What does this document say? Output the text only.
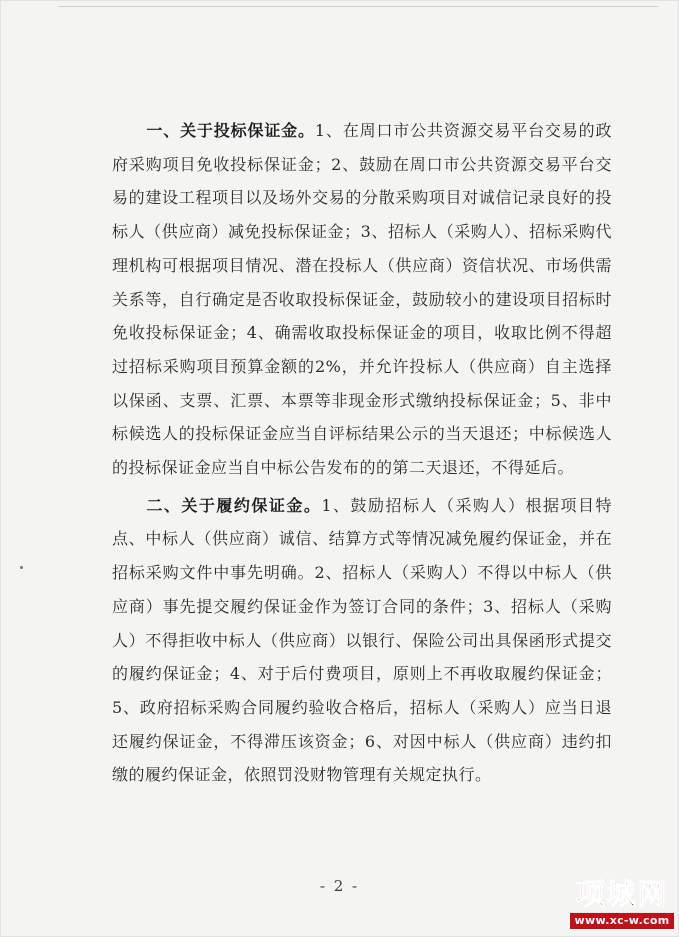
一、关于投标保证金。1、在周口市公共资源交易平台交易的政府采购项目免收投标保证金；2、鼓励在周口市公共资源交易平台交易的建设工程项目以及场外交易的分散采购项目对诚信记录良好的投标人（供应商）减免投标保证金；3、招标人（采购人）、招标采购代理机构可根据项目情况、潜在投标人（供应商）资信状况、市场供需关系等，自行确定是否收取投标保证金，鼓励较小的建设项目招标时免收投标保证金；4、确需收取投标保证金的项目，收取比例不得超过招标采购项目预算金额的2%，并允许投标人（供应商）自主选择以保函、支票、汇票、本票等非现金形式缴纳投标保证金；5、非中标候选人的投标保证金应当自评标结果公示的当天退还；中标候选人的投标保证金应当自中标公告发布的的第二天退还，不得延后。

二、关于履约保证金。1、鼓励招标人（采购人）根据项目特点、中标人（供应商）诚信、结算方式等情况减免履约保证金，并在招标采购文件中事先明确。2、招标人（采购人）不得以中标人（供应商）事先提交履约保证金作为签订合同的条件；3、招标人（采购人）不得拒收中标人（供应商）以银行、保险公司出具保函形式提交的履约保证金；4、对于后付费项目，原则上不再收取履约保证金；5、政府招标采购合同履约验收合格后，招标人（采购人）应当日退还履约保证金，不得滞压该资金；6、对因中标人（供应商）违约扣缴的履约保证金，依照罚没财物管理有关规定执行。

- 2 -	项城网
www.xc-w.com
